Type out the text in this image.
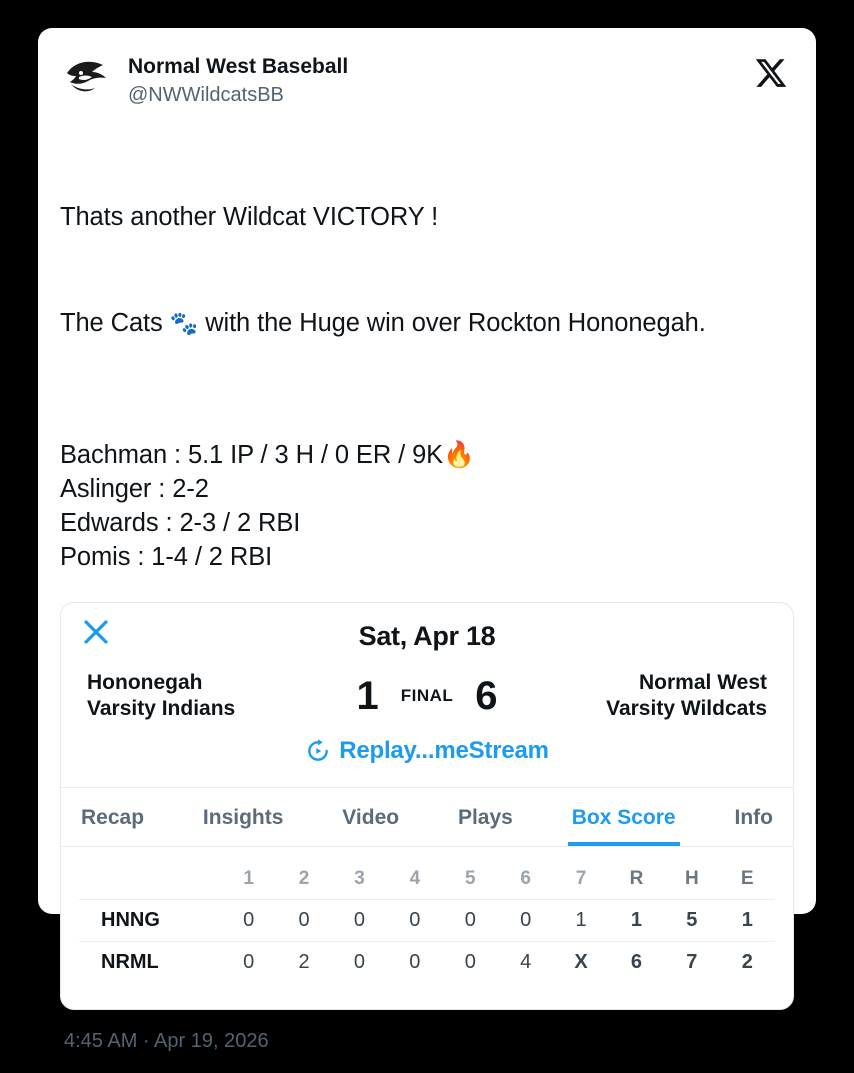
Normal West Baseball
@NWWildcatsBB

Thats another Wildcat VICTORY !

The Cats 🐾 with the Huge win over Rockton Hononegah.

Bachman : 5.1 IP / 3 H / 0 ER / 9K🔥
Aslinger : 2-2
Edwards : 2-3 / 2 RBI
Pomis : 1-4 / 2 RBI
Sat, Apr 18
Hononegah
Varsity Indians	1 FINAL 6	Normal West
Varsity Wildcats
Replay...meStream
Recap	Insights	Video	Plays	Box Score	Info
	1	2	3	4	5	6	7	R	H	E
HNNG	0	0	0	0	0	0	1	1	5	1
NRML	0	2	0	0	0	4	X	6	7	2
4:45 AM · Apr 19, 2026
